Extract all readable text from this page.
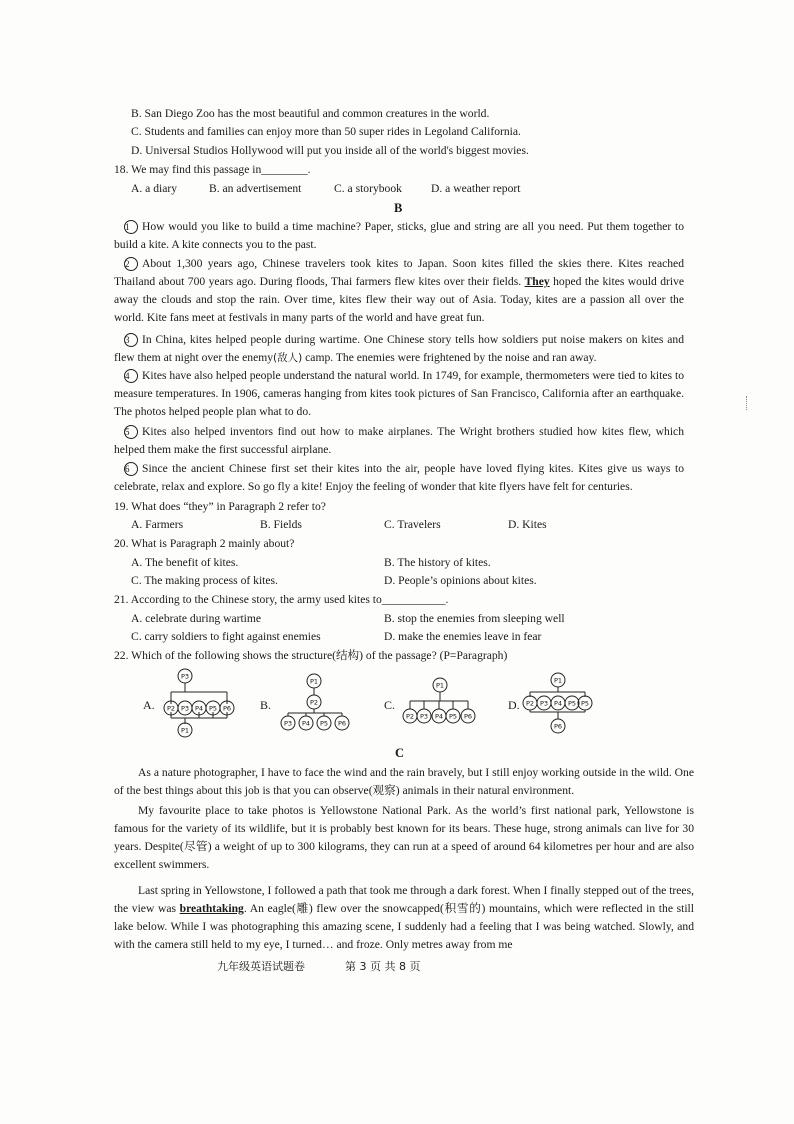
B. San Diego Zoo has the most beautiful and common creatures in the world.
C. Students and families can enjoy more than 50 super rides in Legoland California.
D. Universal Studios Hollywood will put you inside all of the world's biggest movies.
18. We may find this passage in________.
A. a diary	B. an advertisement	C. a storybook	D. a weather report
B
1 How would you like to build a time machine? Paper, sticks, glue and string are all you need. Put them together to build a kite. A kite connects you to the past.
2 About 1,300 years ago, Chinese travelers took kites to Japan. Soon kites filled the skies there. Kites reached Thailand about 700 years ago. During floods, Thai farmers flew kites over their fields. They hoped the kites would drive away the clouds and stop the rain. Over time, kites flew their way out of Asia. Today, kites are a passion all over the world. Kite fans meet at festivals in many parts of the world and have great fun.
3 In China, kites helped people during wartime. One Chinese story tells how soldiers put noise makers on kites and flew them at night over the enemy(敌人) camp. The enemies were frightened by the noise and ran away.
4 Kites have also helped people understand the natural world. In 1749, for example, thermometers were tied to kites to measure temperatures. In 1906, cameras hanging from kites took pictures of San Francisco, California after an earthquake. The photos helped people plan what to do.
5 Kites also helped inventors find out how to make airplanes. The Wright brothers studied how kites flew, which helped them make the first successful airplane.
6 Since the ancient Chinese first set their kites into the air, people have loved flying kites. Kites give us ways to celebrate, relax and explore. So go fly a kite! Enjoy the feeling of wonder that kite flyers have felt for centuries.
19. What does “they” in Paragraph 2 refer to?
A. Farmers	B. Fields	C. Travelers	D. Kites
20. What is Paragraph 2 mainly about?
A. The benefit of kites.	B. The history of kites.
C. The making process of kites.	D. People’s opinions about kites.
21. According to the Chinese story, the army used kites to___________.
A. celebrate during wartime	B. stop the enemies from sleeping well
C. carry soldiers to fight against enemies	D. make the enemies leave in fear
22. Which of the following shows the structure(结构) of the passage? (P=Paragraph)
A.
P3
P2 P3 P4 P5 P6
P1
B.
P1
P2
P3 P4 P5 P6
C.
P1
P2 P3 P4 P5 P6
D.
P1
P2 P3 P4 P5 P5
P6
C
As a nature photographer, I have to face the wind and the rain bravely, but I still enjoy working outside in the wild. One of the best things about this job is that you can observe(观察) animals in their natural environment.
My favourite place to take photos is Yellowstone National Park. As the world’s first national park, Yellowstone is famous for the variety of its wildlife, but it is probably best known for its bears. These huge, strong animals can live for 30 years. Despite(尽管) a weight of up to 300 kilograms, they can run at a speed of around 64 kilometres per hour and are also excellent swimmers.
Last spring in Yellowstone, I followed a path that took me through a dark forest. When I finally stepped out of the trees, the view was breathtaking. An eagle(雕) flew over the snowcapped(积雪的) mountains, which were reflected in the still lake below. While I was photographing this amazing scene, I suddenly had a feeling that I was being watched. Slowly, and with the camera still held to my eye, I turned… and froze. Only metres away from me
九年级英语试题卷	第 3 页 共 8 页
